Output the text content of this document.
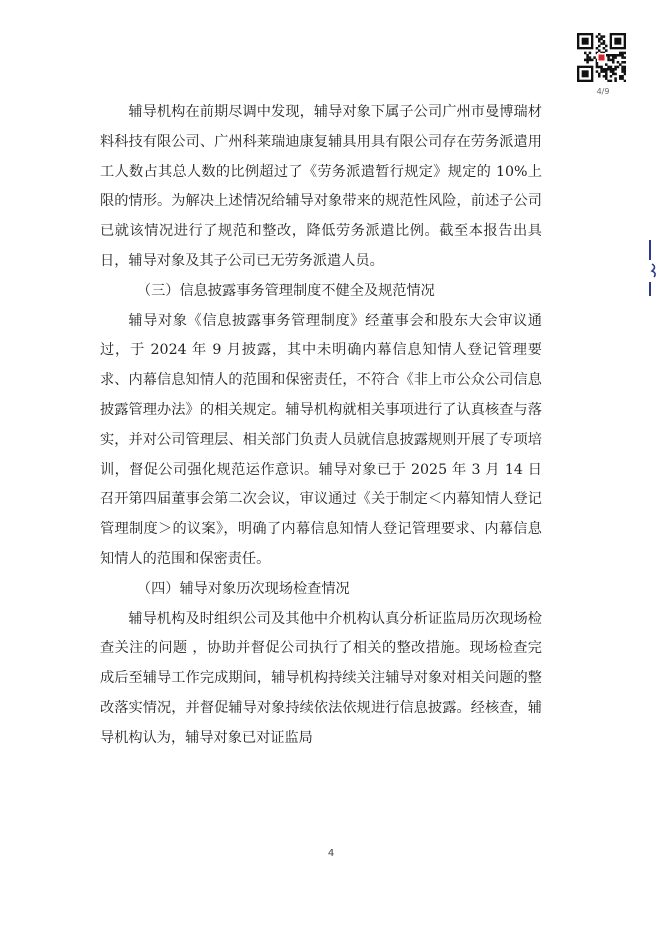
4/9

辅导机构在前期尽调中发现，辅导对象下属子公司广州市曼博瑞材料科技有限公司、广州科莱瑞迪康复辅具用具有限公司存在劳务派遣用工人数占其总人数的比例超过了《劳务派遣暂行规定》规定的 10%上限的情形。为解决上述情况给辅导对象带来的规范性风险，前述子公司已就该情况进行了规范和整改，降低劳务派遣比例。截至本报告出具日，辅导对象及其子公司已无劳务派遣人员。

（三）信息披露事务管理制度不健全及规范情况

辅导对象《信息披露事务管理制度》经董事会和股东大会审议通过，于 2024 年 9 月披露，其中未明确内幕信息知情人登记管理要求、内幕信息知情人的范围和保密责任，不符合《非上市公众公司信息披露管理办法》的相关规定。辅导机构就相关事项进行了认真核查与落实，并对公司管理层、相关部门负责人员就信息披露规则开展了专项培训，督促公司强化规范运作意识。辅导对象已于 2025 年 3 月 14 日召开第四届董事会第二次会议，审议通过《关于制定＜内幕知情人登记管理制度＞的议案》，明确了内幕信息知情人登记管理要求、内幕信息知情人的范围和保密责任。

（四）辅导对象历次现场检查情况

辅导机构及时组织公司及其他中介机构认真分析证监局历次现场检查关注的问题 ，协助并督促公司执行了相关的整改措施。现场检查完成后至辅导工作完成期间，辅导机构持续关注辅导对象对相关问题的整改落实情况，并督促辅导对象持续依法依规进行信息披露。经核查，辅导机构认为，辅导对象已对证监局

4
